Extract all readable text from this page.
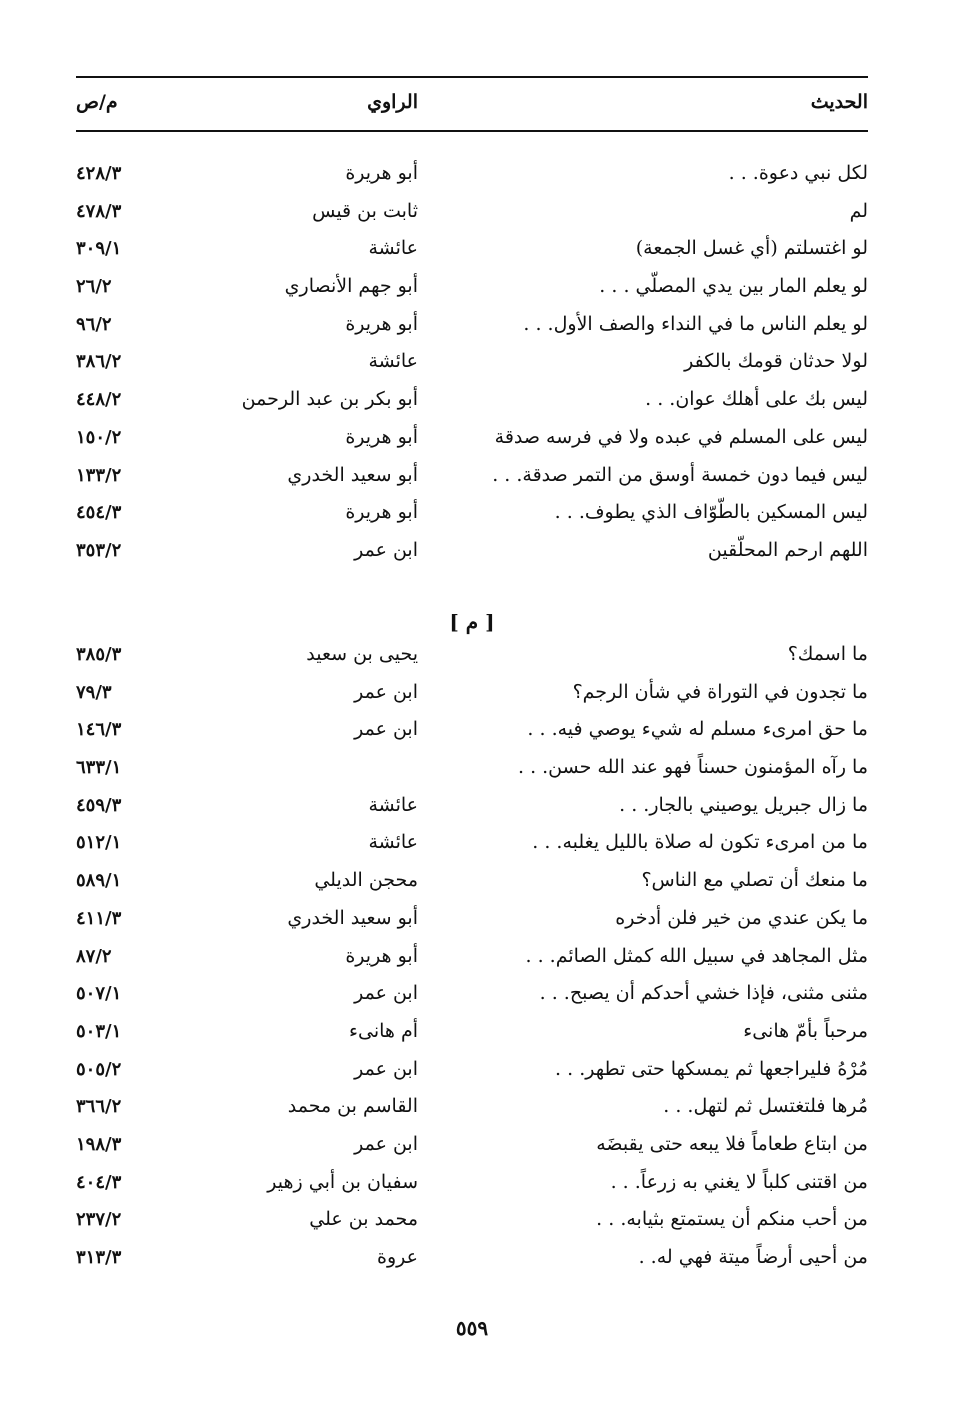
الحديث
الراوي
م/ص
لكل نبي دعوة. . .
أبو هريرة
٤٢٨/٣
لم
ثابت بن قيس
٤٧٨/٣
لو اغتسلتم (أي غسل الجمعة)
عائشة
٣٠٩/١
لو يعلم المار بين يدي المصلّي . . .
أبو جهم الأنصاري
٢٦/٢
لو يعلم الناس ما في النداء والصف الأول. . .
أبو هريرة
٩٦/٢
لولا حدثان قومك بالكفر
عائشة
٣٨٦/٢
ليس بك على أهلك عوان. . .
أبو بكر بن عبد الرحمن
٤٤٨/٢
ليس على المسلم في عبده ولا في فرسه صدقة
أبو هريرة
١٥٠/٢
ليس فيما دون خمسة أوسق من التمر صدقة. . .
أبو سعيد الخدري
١٣٣/٢
ليس المسكين بالطّوّاف الذي يطوف. . .
أبو هريرة
٤٥٤/٣
اللهم ارحم المحلّقين
ابن عمر
٣٥٣/٢
[ م ]
ما اسمك؟
يحيى بن سعيد
٣٨٥/٣
ما تجدون في التوراة في شأن الرجم؟
ابن عمر
٧٩/٣
ما حق امرىء مسلم له شيء يوصي فيه. . .
ابن عمر
١٤٦/٣
ما رآه المؤمنون حسناً فهو عند الله حسن. . .
٦٣٣/١
ما زال جبريل يوصيني بالجار. . .
عائشة
٤٥٩/٣
ما من امرىء تكون له صلاة بالليل يغلبه. . .
عائشة
٥١٢/١
ما منعك أن تصلي مع الناس؟
محجن الديلي
٥٨٩/١
ما يكن عندي من خير فلن أدخره
أبو سعيد الخدري
٤١١/٣
مثل المجاهد في سبيل الله كمثل الصائم. . .
أبو هريرة
٨٧/٢
مثنى مثنى، فإذا خشي أحدكم أن يصبح. . .
ابن عمر
٥٠٧/١
مرحباً بأمّ هانىء
أم هانىء
٥٠٣/١
مُرْهُ فليراجعها ثم يمسكها حتى تطهر. . .
ابن عمر
٥٠٥/٢
مُرها فلتغتسل ثم لتهل. . .
القاسم بن محمد
٣٦٦/٢
من ابتاع طعاماً فلا يبعه حتى يقبضَه
ابن عمر
١٩٨/٣
من اقتنى كلباً لا يغني به زرعاً. . .
سفيان بن أبي زهير
٤٠٤/٣
من أحب منكم أن يستمتع بثيابه. . .
محمد بن علي
٢٣٧/٢
من أحيى أرضاً ميتة فهي له. .
عروة
٣١٣/٣
٥٥٩
